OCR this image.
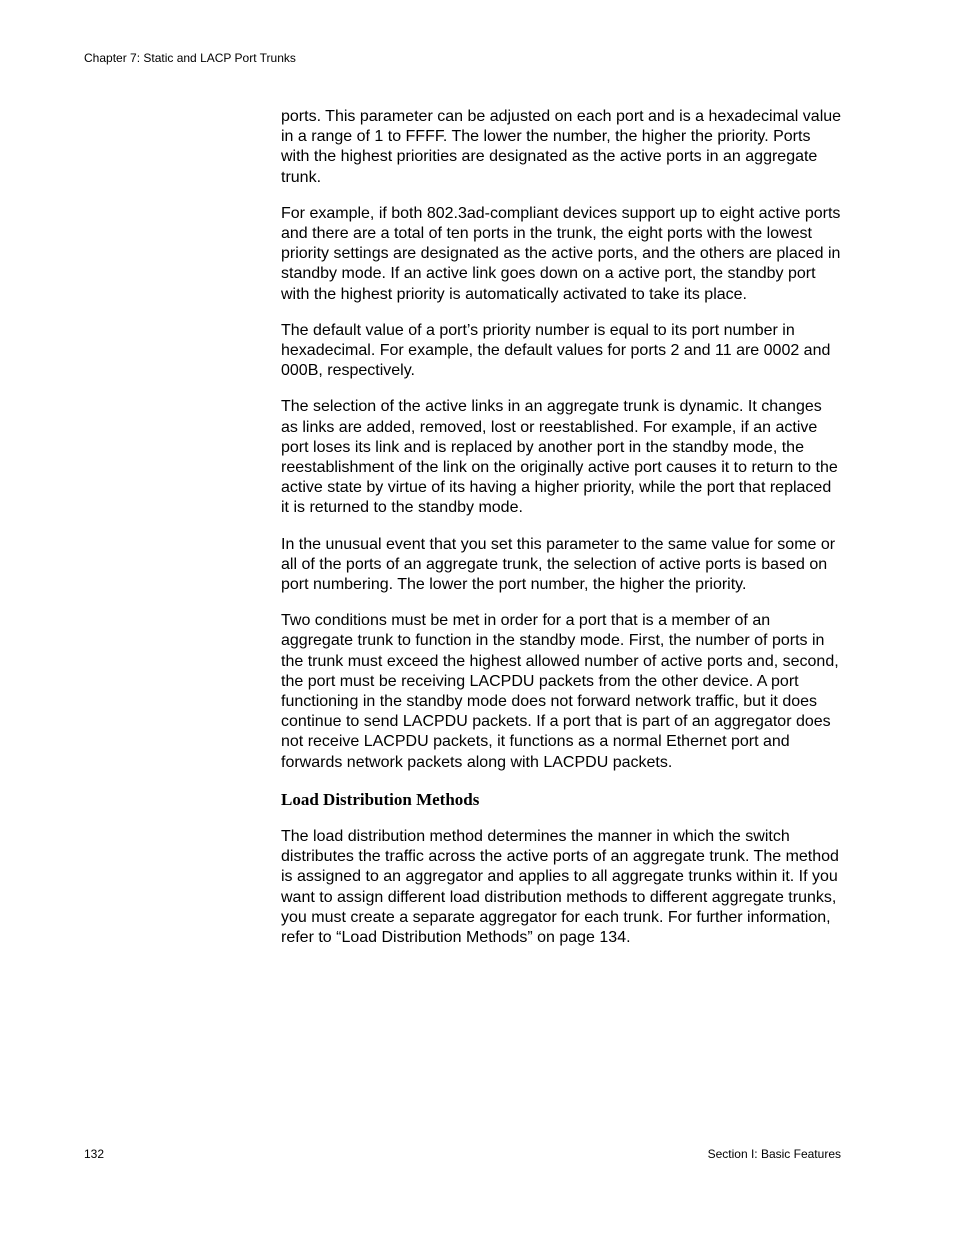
Chapter 7: Static and LACP Port Trunks

ports. This parameter can be adjusted on each port and is a hexadecimal value in a range of 1 to FFFF. The lower the number, the higher the priority. Ports with the highest priorities are designated as the active ports in an aggregate trunk.

For example, if both 802.3ad-compliant devices support up to eight active ports and there are a total of ten ports in the trunk, the eight ports with the lowest priority settings are designated as the active ports, and the others are placed in standby mode. If an active link goes down on a active port, the standby port with the highest priority is automatically activated to take its place.

The default value of a port’s priority number is equal to its port number in hexadecimal. For example, the default values for ports 2 and 11 are 0002 and 000B, respectively.

The selection of the active links in an aggregate trunk is dynamic. It changes as links are added, removed, lost or reestablished. For example, if an active port loses its link and is replaced by another port in the standby mode, the reestablishment of the link on the originally active port causes it to return to the active state by virtue of its having a higher priority, while the port that replaced it is returned to the standby mode.

In the unusual event that you set this parameter to the same value for some or all of the ports of an aggregate trunk, the selection of active ports is based on port numbering. The lower the port number, the higher the priority.

Two conditions must be met in order for a port that is a member of an aggregate trunk to function in the standby mode. First, the number of ports in the trunk must exceed the highest allowed number of active ports and, second, the port must be receiving LACPDU packets from the other device. A port functioning in the standby mode does not forward network traffic, but it does continue to send LACPDU packets. If a port that is part of an aggregator does not receive LACPDU packets, it functions as a normal Ethernet port and forwards network packets along with LACPDU packets.

Load Distribution Methods

The load distribution method determines the manner in which the switch distributes the traffic across the active ports of an aggregate trunk. The method is assigned to an aggregator and applies to all aggregate trunks within it. If you want to assign different load distribution methods to different aggregate trunks, you must create a separate aggregator for each trunk. For further information, refer to “Load Distribution Methods” on page 134.

132	Section I: Basic Features
